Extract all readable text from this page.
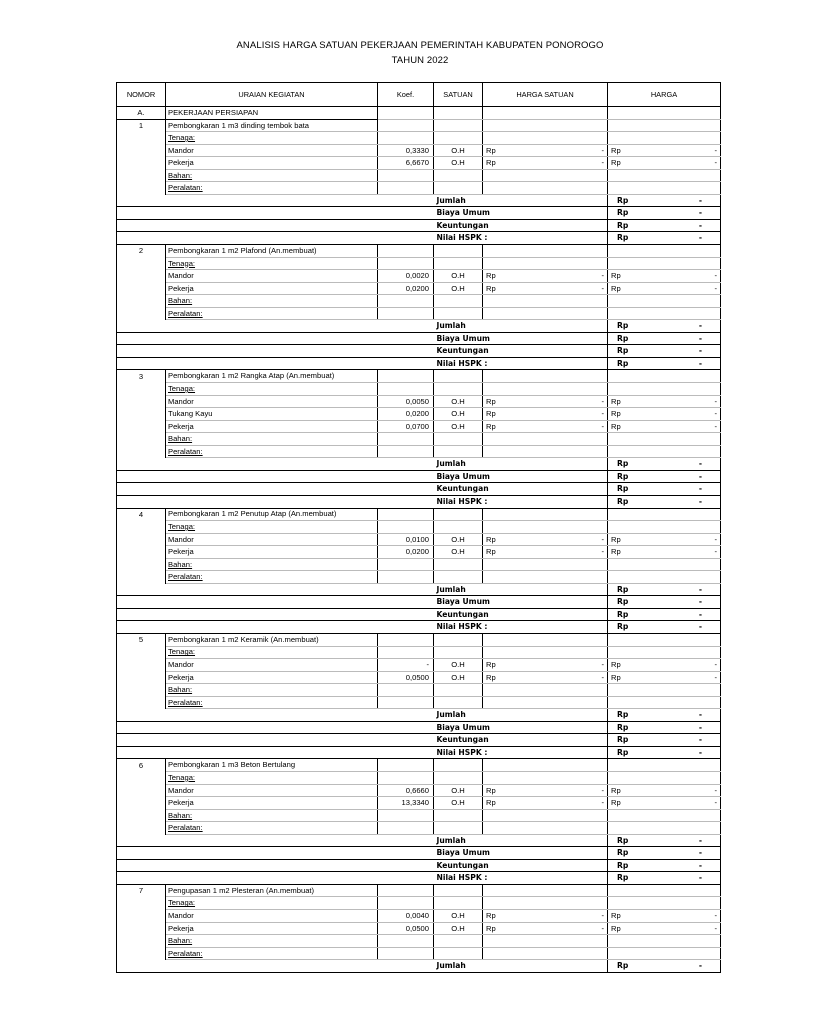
ANALISIS HARGA SATUAN PEKERJAAN PEMERINTAH KABUPATEN PONOROGO
TAHUN 2022
NOMOR	URAIAN KEGIATAN	Koef.	SATUAN	HARGA SATUAN	HARGA
A.	PEKERJAAN PERSIAPAN				
1	Pembongkaran 1 m3 dinding tembok bata				
	Tenaga:				
	Mandor	0,3330	O.H	Rp -	Rp -

	Pekerja	6,6670	O.H	Rp -	Rp -

	Bahan:				
	Peralatan:				
			Jumlah		Rp -

			Biaya Umum		Rp -

			Keuntungan		Rp -

			Nilai HSPK :		Rp -

2	Pembongkaran 1 m2 Plafond (An.membuat)				
	Tenaga:				
	Mandor	0,0020	O.H	Rp -	Rp -

	Pekerja	0,0200	O.H	Rp -	Rp -

	Bahan:				
	Peralatan:				
			Jumlah		Rp -

			Biaya Umum		Rp -

			Keuntungan		Rp -

			Nilai HSPK :		Rp -

3	Pembongkaran 1 m2 Rangka Atap (An.membuat)				
	Tenaga:				
	Mandor	0,0050	O.H	Rp -	Rp -

	Tukang Kayu	0,0200	O.H	Rp -	Rp -

	Pekerja	0,0700	O.H	Rp -	Rp -

	Bahan:				
	Peralatan:				
			Jumlah		Rp -

			Biaya Umum		Rp -

			Keuntungan		Rp -

			Nilai HSPK :		Rp -

4	Pembongkaran 1 m2 Penutup Atap (An.membuat)				
	Tenaga:				
	Mandor	0,0100	O.H	Rp -	Rp -

	Pekerja	0,0200	O.H	Rp -	Rp -

	Bahan:				
	Peralatan:				
			Jumlah		Rp -

			Biaya Umum		Rp -

			Keuntungan		Rp -

			Nilai HSPK :		Rp -

5	Pembongkaran 1 m2 Keramik (An.membuat)				
	Tenaga:				
	Mandor	-	O.H	Rp -	Rp -

	Pekerja	0,0500	O.H	Rp -	Rp -

	Bahan:				
	Peralatan:				
			Jumlah		Rp -

			Biaya Umum		Rp -

			Keuntungan		Rp -

			Nilai HSPK :		Rp -

6	Pembongkaran 1 m3 Beton Bertulang				
	Tenaga:				
	Mandor	0,6660	O.H	Rp -	Rp -

	Pekerja	13,3340	O.H	Rp -	Rp -

	Bahan:				
	Peralatan:				
			Jumlah		Rp -

			Biaya Umum		Rp -

			Keuntungan		Rp -

			Nilai HSPK :		Rp -

7	Pengupasan 1 m2 Plesteran (An.membuat)				
	Tenaga:				
	Mandor	0,0040	O.H	Rp -	Rp -

	Pekerja	0,0500	O.H	Rp -	Rp -

	Bahan:				
	Peralatan:				
			Jumlah		Rp -
